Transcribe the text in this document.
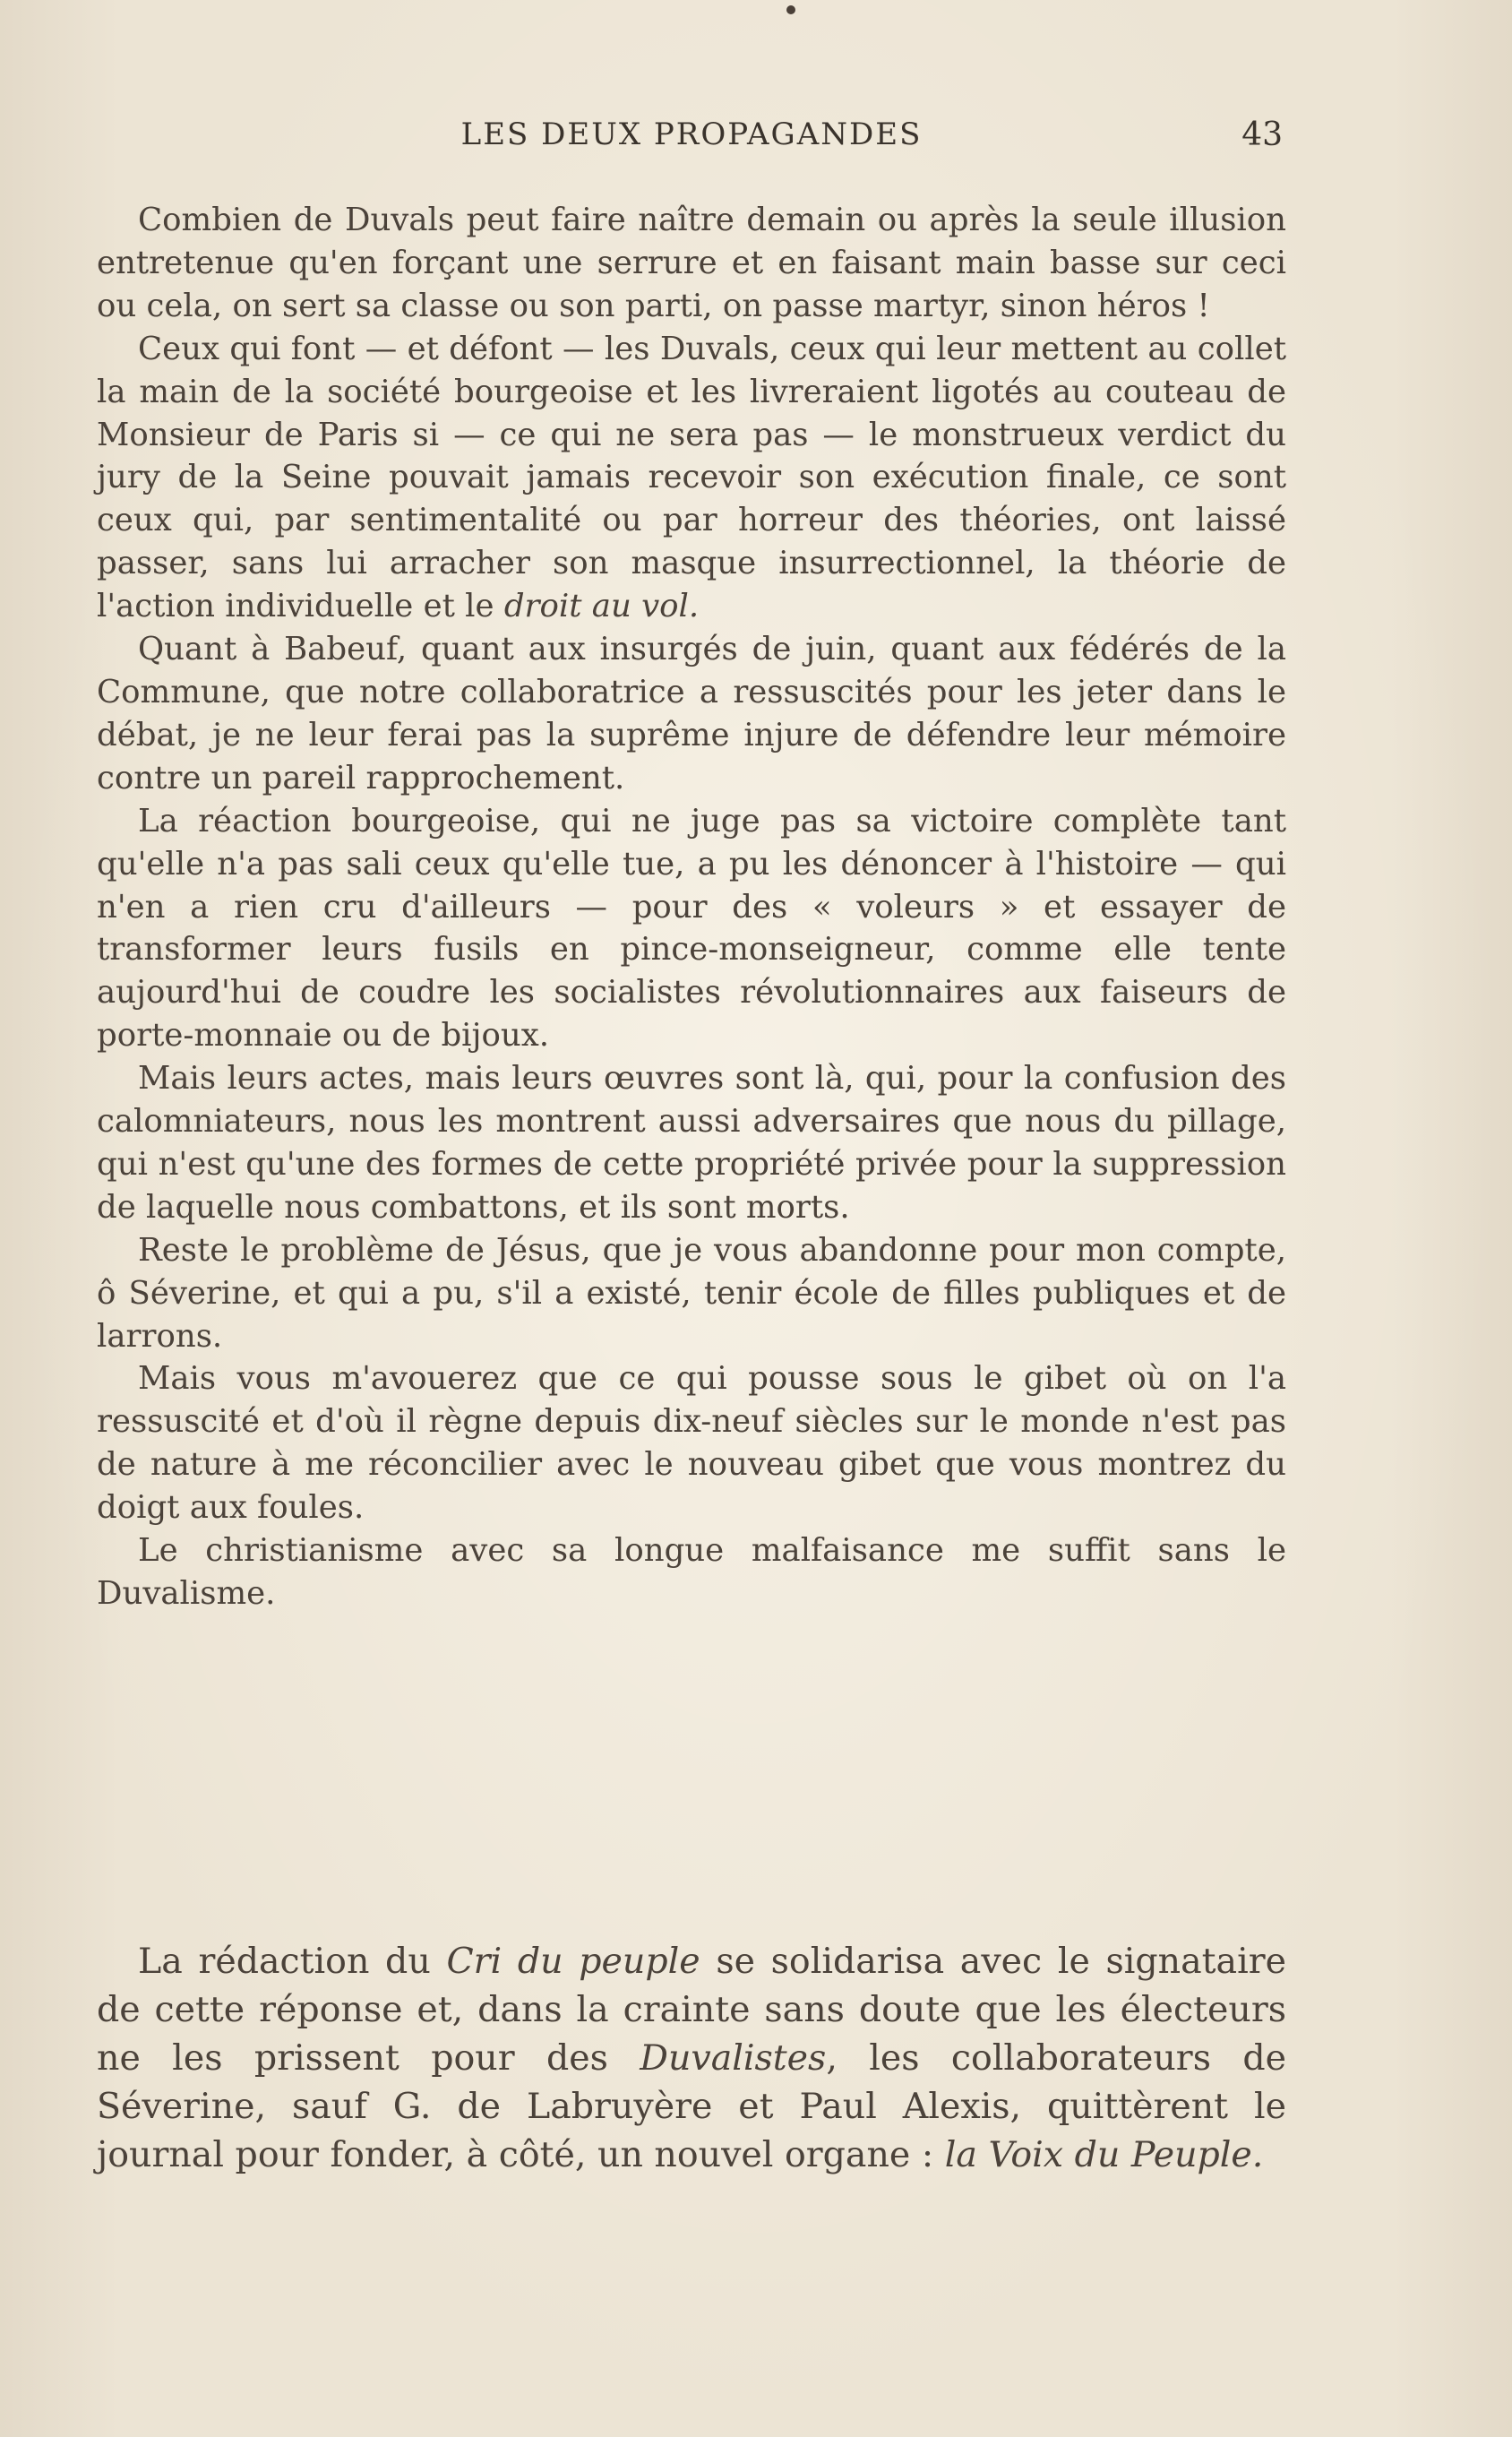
LES DEUX PROPAGANDES	43

Combien de Duvals peut faire naître demain ou après la seule illusion entretenue qu'en forçant une serrure et en faisant main basse sur ceci ou cela, on sert sa classe ou son parti, on passe martyr, sinon héros !

Ceux qui font — et défont — les Duvals, ceux qui leur mettent au collet la main de la société bourgeoise et les livreraient ligotés au couteau de Monsieur de Paris si — ce qui ne sera pas — le monstrueux verdict du jury de la Seine pouvait jamais recevoir son exécution finale, ce sont ceux qui, par sentimentalité ou par horreur des théories, ont laissé passer, sans lui arracher son masque insurrectionnel, la théorie de l'action individuelle et le droit au vol.

Quant à Babeuf, quant aux insurgés de juin, quant aux fédérés de la Commune, que notre collaboratrice a ressuscités pour les jeter dans le débat, je ne leur ferai pas la suprême injure de défendre leur mémoire contre un pareil rapprochement.

La réaction bourgeoise, qui ne juge pas sa victoire complète tant qu'elle n'a pas sali ceux qu'elle tue, a pu les dénoncer à l'histoire — qui n'en a rien cru d'ailleurs — pour des « voleurs » et essayer de transformer leurs fusils en pince-monseigneur, comme elle tente aujourd'hui de coudre les socialistes révolutionnaires aux faiseurs de porte-monnaie ou de bijoux.

Mais leurs actes, mais leurs œuvres sont là, qui, pour la confusion des calomniateurs, nous les montrent aussi adversaires que nous du pillage, qui n'est qu'une des formes de cette propriété privée pour la suppression de laquelle nous combattons, et ils sont morts.

Reste le problème de Jésus, que je vous abandonne pour mon compte, ô Séverine, et qui a pu, s'il a existé, tenir école de filles publiques et de larrons.

Mais vous m'avouerez que ce qui pousse sous le gibet où on l'a ressuscité et d'où il règne depuis dix-neuf siècles sur le monde n'est pas de nature à me réconcilier avec le nouveau gibet que vous montrez du doigt aux foules.

Le christianisme avec sa longue malfaisance me suffit sans le Duvalisme.

La rédaction du Cri du peuple se solidarisa avec le signataire de cette réponse et, dans la crainte sans doute que les électeurs ne les prissent pour des Duvalistes, les collaborateurs de Séverine, sauf G. de Labruyère et Paul Alexis, quittèrent le journal pour fonder, à côté, un nouvel organe : la Voix du Peuple.
